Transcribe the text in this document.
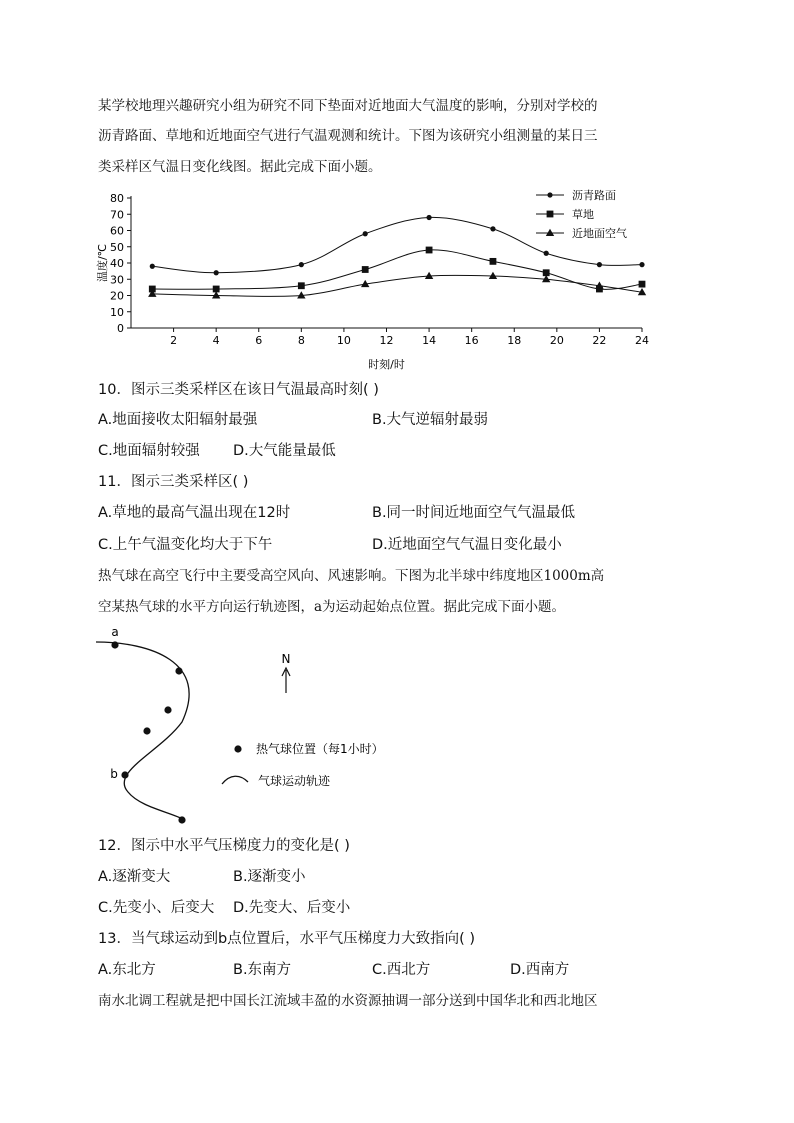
某学校地理兴趣研究小组为研究不同下垫面对近地面大气温度的影响，分别对学校的
沥青路面、草地和近地面空气进行气温观测和统计。下图为该研究小组测量的某日三
类采样区气温日变化线图。据此完成下面小题。
0
10
20
30
40
50
60
70
80
2	4	6	8	10	12	14	16	18	20	22	24
时刻/时
温度/℃
沥青路面
草地
近地面空气
10．图示三类采样区在该日气温最高时刻( )
A.地面接收太阳辐射最强	B.大气逆辐射最弱
C.地面辐射较强	D.大气能量最低
11．图示三类采样区( )
A.草地的最高气温出现在12时	B.同一时间近地面空气气温最低
C.上午气温变化均大于下午	D.近地面空气气温日变化最小
热气球在高空飞行中主要受高空风向、风速影响。下图为北半球中纬度地区1000m高
空某热气球的水平方向运行轨迹图，a为运动起始点位置。据此完成下面小题。
a
b
N
热气球位置（每1小时）
气球运动轨迹
12．图示中水平气压梯度力的变化是( )
A.逐渐变大	B.逐渐变小
C.先变小、后变大	D.先变大、后变小
13．当气球运动到b点位置后，水平气压梯度力大致指向( )
A.东北方	B.东南方	C.西北方	D.西南方
南水北调工程就是把中国长江流域丰盈的水资源抽调一部分送到中国华北和西北地区
